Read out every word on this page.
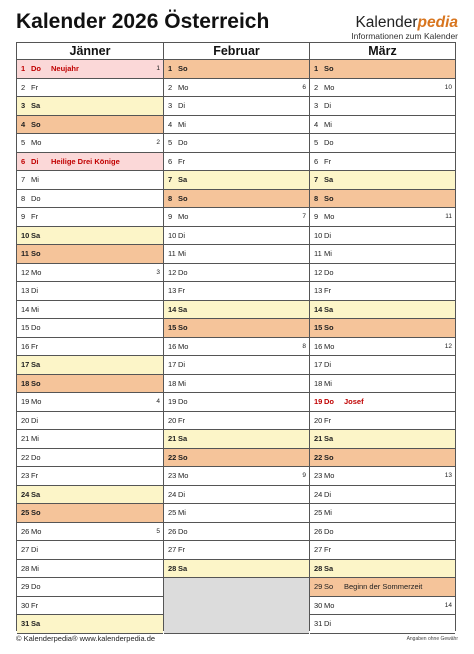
Kalender 2026 Österreich	Kalenderpedia
Informationen zum Kalender
Jänner
1 Do Neujahr	1
2 Fr
3 Sa
4 So
5 Mo	2
6 Di Heilige Drei Könige
7 Mi
8 Do
9 Fr
10 Sa
11 So
12 Mo	3
13 Di
14 Mi
15 Do
16 Fr
17 Sa
18 So
19 Mo	4
20 Di
21 Mi
22 Do
23 Fr
24 Sa
25 So
26 Mo	5
27 Di
28 Mi
29 Do
30 Fr
31 Sa
Februar
1 So
2 Mo	6
3 Di
4 Mi
5 Do
6 Fr
7 Sa
8 So
9 Mo	7
10 Di
11 Mi
12 Do
13 Fr
14 Sa
15 So
16 Mo	8
17 Di
18 Mi
19 Do
20 Fr
21 Sa
22 So
23 Mo	9
24 Di
25 Mi
26 Do
27 Fr
28 Sa
März
1 So
2 Mo	10
3 Di
4 Mi
5 Do
6 Fr
7 Sa
8 So
9 Mo	11
10 Di
11 Mi
12 Do
13 Fr
14 Sa
15 So
16 Mo	12
17 Di
18 Mi
19 Do Josef
20 Fr
21 Sa
22 So
23 Mo	13
24 Di
25 Mi
26 Do
27 Fr
28 Sa
29 So Beginn der Sommerzeit
30 Mo	14
31 Di
© Kalenderpedia® www.kalenderpedia.de	Angaben ohne Gewähr
